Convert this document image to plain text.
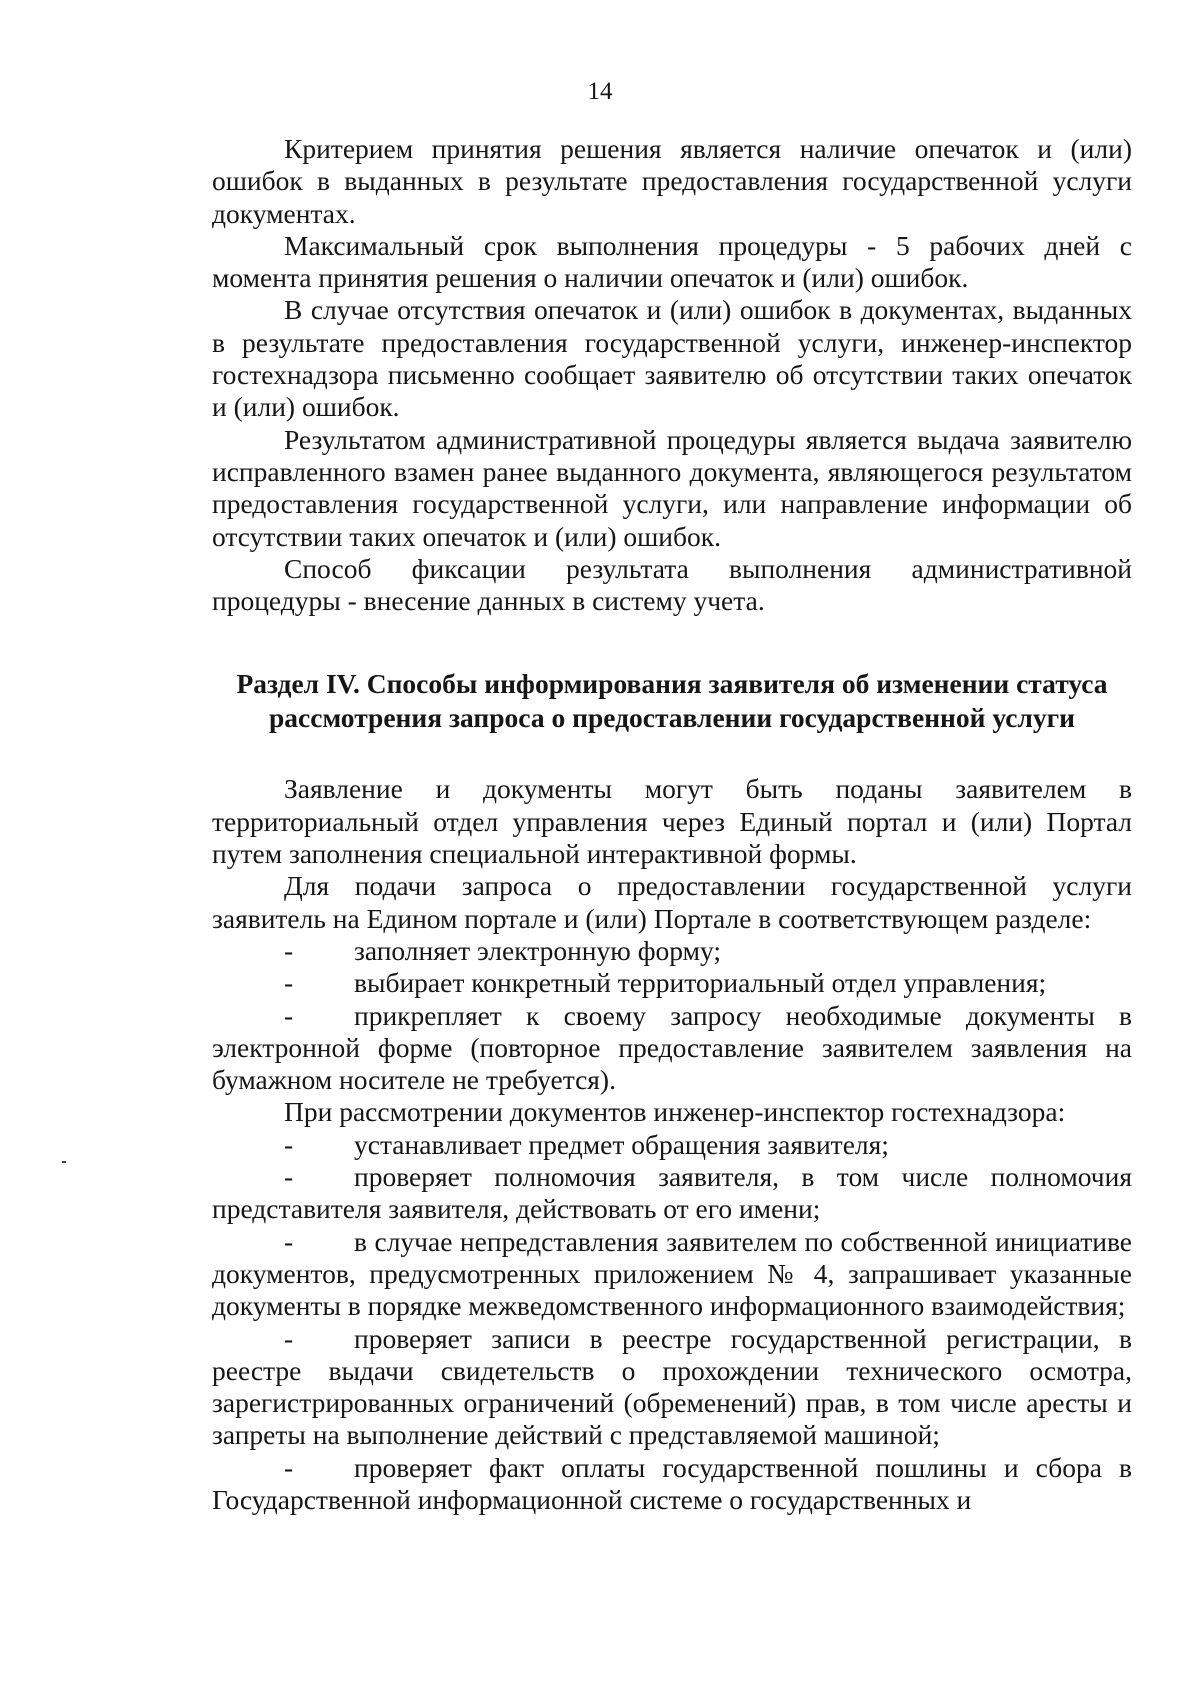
14

Критерием принятия решения является наличие опечаток и (или) ошибок в выданных в результате предоставления государственной услуги документах.

Максимальный срок выполнения процедуры - 5 рабочих дней с момента принятия решения о наличии опечаток и (или) ошибок.

В случае отсутствия опечаток и (или) ошибок в документах, выданных в результате предоставления государственной услуги, инженер-инспектор гостехнадзора письменно сообщает заявителю об отсутствии таких опечаток и (или) ошибок.

Результатом административной процедуры является выдача заявителю исправленного взамен ранее выданного документа, являющегося результатом предоставления государственной услуги, или направление информации об отсутствии таких опечаток и (или) ошибок.

Способ фиксации результата выполнения административной процедуры - внесение данных в систему учета.

Раздел IV. Способы информирования заявителя об изменении статуса
рассмотрения запроса о предоставлении государственной услуги

Заявление и документы могут быть поданы заявителем в территориальный отдел управления через Единый портал и (или) Портал путем заполнения специальной интерактивной формы.

Для подачи запроса о предоставлении государственной услуги заявитель на Едином портале и (или) Портале в соответствующем разделе:

- заполняет электронную форму;

- выбирает конкретный территориальный отдел управления;

- прикрепляет к своему запросу необходимые документы в электронной форме (повторное предоставление заявителем заявления на бумажном носителе не требуется).

При рассмотрении документов инженер-инспектор гостехнадзора:

- устанавливает предмет обращения заявителя;

- проверяет полномочия заявителя, в том числе полномочия представителя заявителя, действовать от его имени;

- в случае непредставления заявителем по собственной инициативе документов, предусмотренных приложением № 4, запрашивает указанные документы в порядке межведомственного информационного взаимодействия;

- проверяет записи в реестре государственной регистрации, в реестре выдачи свидетельств о прохождении технического осмотра, зарегистрированных ограничений (обременений) прав, в том числе аресты и запреты на выполнение действий с представляемой машиной;

- проверяет факт оплаты государственной пошлины и сбора в Государственной информационной системе о государственных и
